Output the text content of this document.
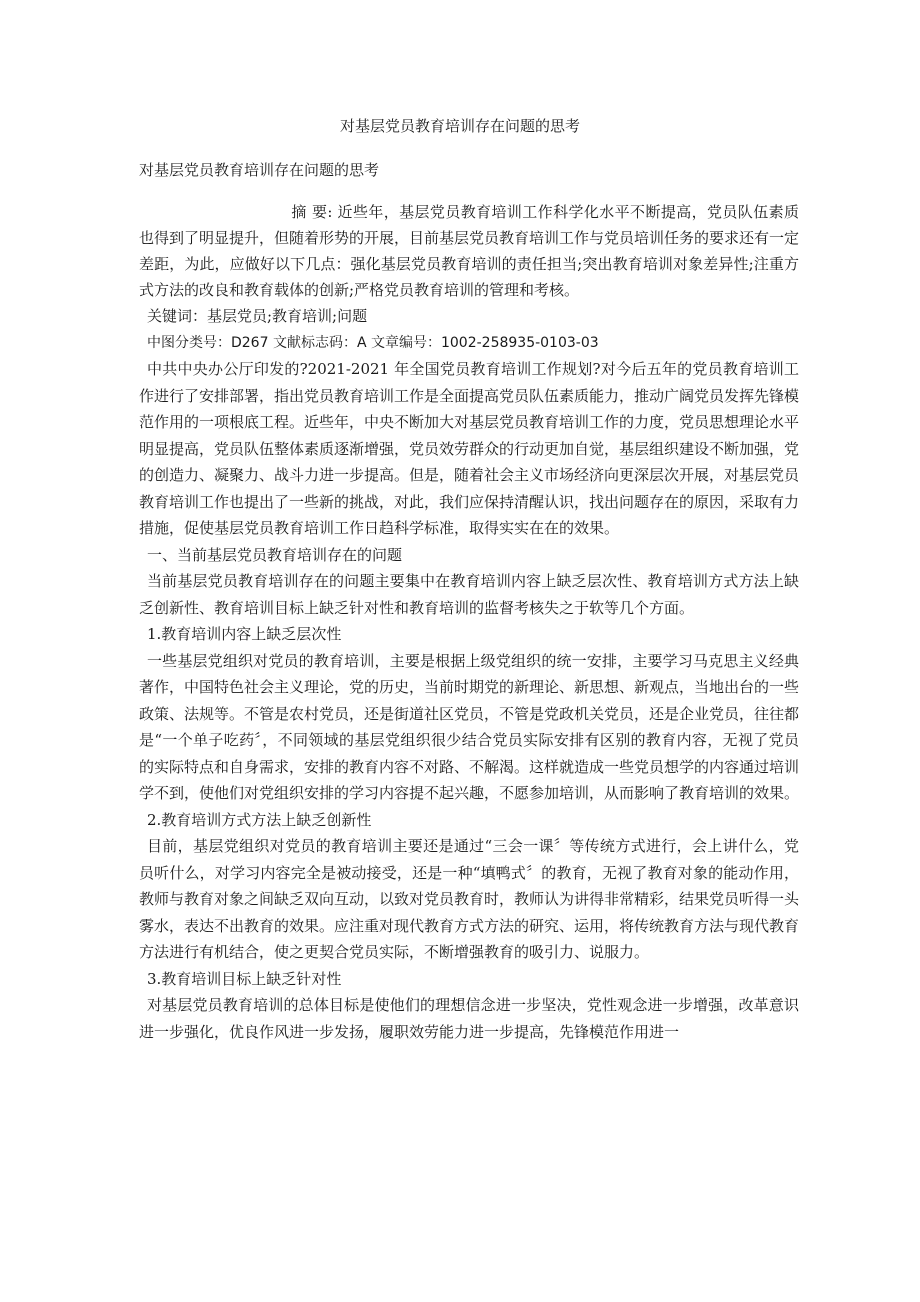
对基层党员教育培训存在问题的思考

对基层党员教育培训存在问题的思考

摘 要: 近些年，基层党员教育培训工作科学化水平不断提高，党员队伍素质也得到了明显提升，但随着形势的开展，目前基层党员教育培训工作与党员培训任务的要求还有一定差距，为此，应做好以下几点：强化基层党员教育培训的责任担当;突出教育培训对象差异性;注重方式方法的改良和教育载体的创新;严格党员教育培训的管理和考核。

关键词：基层党员;教育培训;问题

中图分类号：D267 文献标志码：A 文章编号：1002-258935-0103-03

中共中央办公厅印发的?2021-2021 年全国党员教育培训工作规划?对今后五年的党员教育培训工作进行了安排部署，指出党员教育培训工作是全面提高党员队伍素质能力，推动广阔党员发挥先锋模范作用的一项根底工程。近些年，中央不断加大对基层党员教育培训工作的力度，党员思想理论水平明显提高，党员队伍整体素质逐渐增强，党员效劳群众的行动更加自觉，基层组织建设不断加强，党的创造力、凝聚力、战斗力进一步提高。但是，随着社会主义市场经济向更深层次开展，对基层党员教育培训工作也提出了一些新的挑战，对此，我们应保持清醒认识，找出问题存在的原因，采取有力措施，促使基层党员教育培训工作日趋科学标准，取得实实在在的效果。

一、当前基层党员教育培训存在的问题

当前基层党员教育培训存在的问题主要集中在教育培训内容上缺乏层次性、教育培训方式方法上缺乏创新性、教育培训目标上缺乏针对性和教育培训的监督考核失之于软等几个方面。

1.教育培训内容上缺乏层次性

一些基层党组织对党员的教育培训，主要是根据上级党组织的统一安排，主要学习马克思主义经典著作，中国特色社会主义理论，党的历史，当前时期党的新理论、新思想、新观点，当地出台的一些政策、法规等。不管是农村党员，还是街道社区党员，不管是党政机关党员，还是企业党员，往往都是“一个单子吃药〞，不同领域的基层党组织很少结合党员实际安排有区别的教育内容，无视了党员的实际特点和自身需求，安排的教育内容不对路、不解渴。这样就造成一些党员想学的内容通过培训学不到，使他们对党组织安排的学习内容提不起兴趣，不愿参加培训，从而影响了教育培训的效果。

2.教育培训方式方法上缺乏创新性

目前，基层党组织对党员的教育培训主要还是通过“三会一课〞等传统方式进行，会上讲什么，党员听什么，对学习内容完全是被动接受，还是一种“填鸭式〞的教育，无视了教育对象的能动作用，教师与教育对象之间缺乏双向互动，以致对党员教育时，教师认为讲得非常精彩，结果党员听得一头雾水，表达不出教育的效果。应注重对现代教育方式方法的研究、运用，将传统教育方法与现代教育方法进行有机结合，使之更契合党员实际，不断增强教育的吸引力、说服力。

3.教育培训目标上缺乏针对性

对基层党员教育培训的总体目标是使他们的理想信念进一步坚决，党性观念进一步增强，改革意识进一步强化，优良作风进一步发扬，履职效劳能力进一步提高，先锋模范作用进一
